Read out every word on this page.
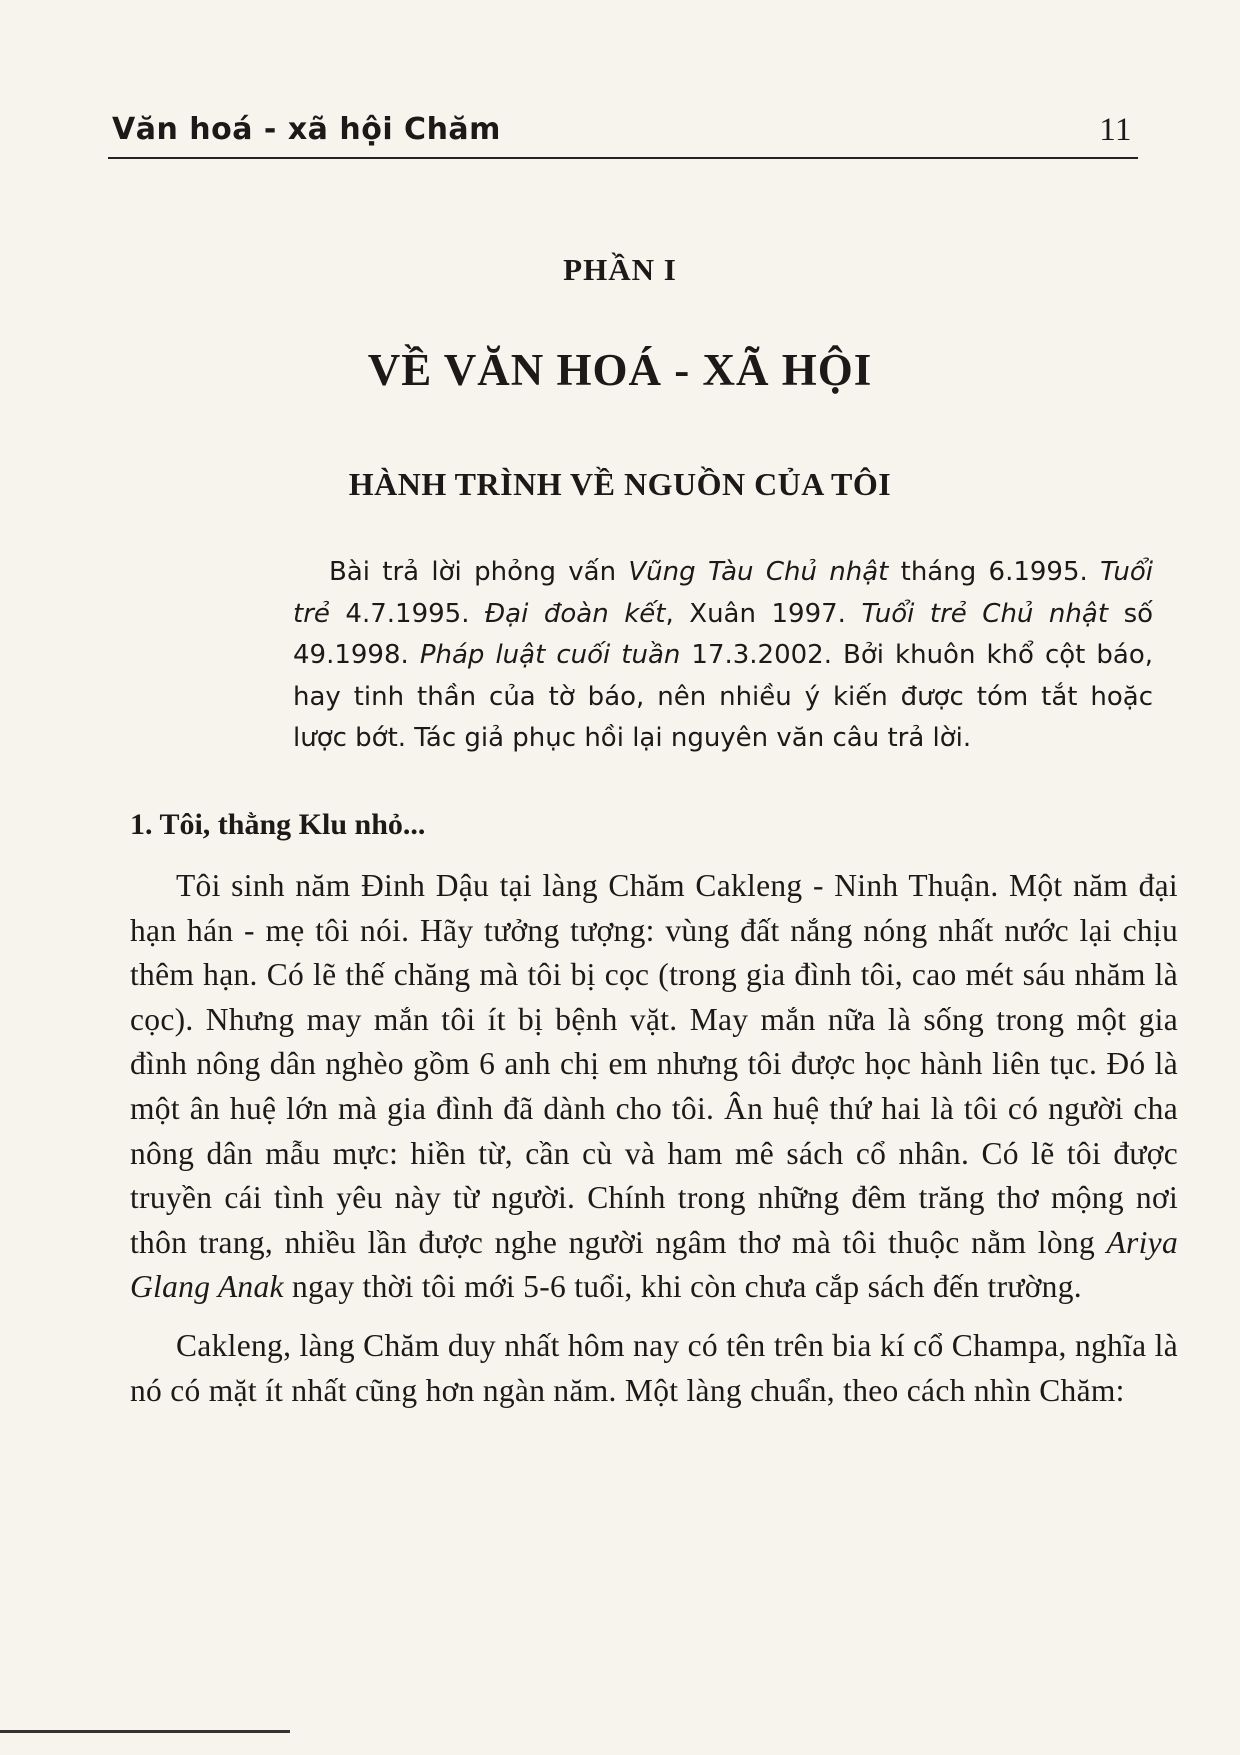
Văn hoá - xã hội Chăm	11
PHẦN I
VỀ VĂN HOÁ - XÃ HỘI
HÀNH TRÌNH VỀ NGUỒN CỦA TÔI

Bài trả lời phỏng vấn Vũng Tàu Chủ nhật tháng 6.1995. Tuổi trẻ 4.7.1995. Đại đoàn kết, Xuân 1997. Tuổi trẻ Chủ nhật số 49.1998. Pháp luật cuối tuần 17.3.2002. Bởi khuôn khổ cột báo, hay tinh thần của tờ báo, nên nhiều ý kiến được tóm tắt hoặc lược bớt. Tác giả phục hồi lại nguyên văn câu trả lời.

1. Tôi, thằng Klu nhỏ...

Tôi sinh năm Đinh Dậu tại làng Chăm Cakleng - Ninh Thuận. Một năm đại hạn hán - mẹ tôi nói. Hãy tưởng tượng: vùng đất nắng nóng nhất nước lại chịu thêm hạn. Có lẽ thế chăng mà tôi bị cọc (trong gia đình tôi, cao mét sáu nhăm là cọc). Nhưng may mắn tôi ít bị bệnh vặt. May mắn nữa là sống trong một gia đình nông dân nghèo gồm 6 anh chị em nhưng tôi được học hành liên tục. Đó là một ân huệ lớn mà gia đình đã dành cho tôi. Ân huệ thứ hai là tôi có người cha nông dân mẫu mực: hiền từ, cần cù và ham mê sách cổ nhân. Có lẽ tôi được truyền cái tình yêu này từ người. Chính trong những đêm trăng thơ mộng nơi thôn trang, nhiều lần được nghe người ngâm thơ mà tôi thuộc nằm lòng Ariya Glang Anak ngay thời tôi mới 5-6 tuổi, khi còn chưa cắp sách đến trường.

Cakleng, làng Chăm duy nhất hôm nay có tên trên bia kí cổ Champa, nghĩa là nó có mặt ít nhất cũng hơn ngàn năm. Một làng chuẩn, theo cách nhìn Chăm:
